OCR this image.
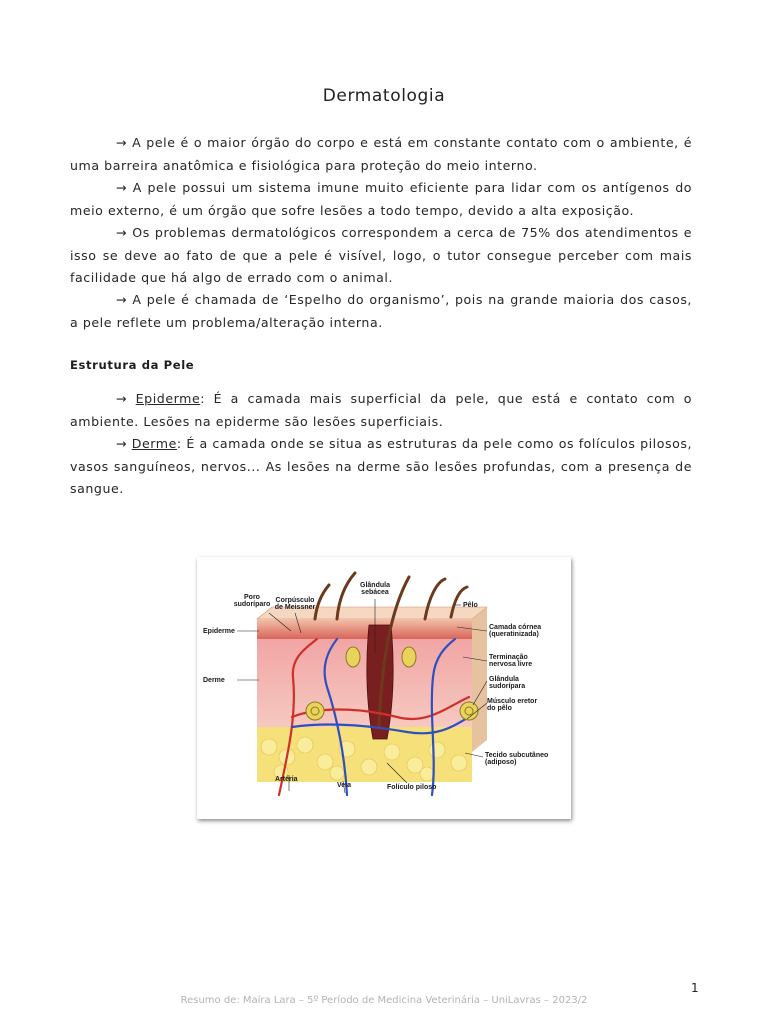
Dermatologia

→ A pele é o maior órgão do corpo e está em constante contato com o ambiente, é uma barreira anatômica e fisiológica para proteção do meio interno.

→ A pele possui um sistema imune muito eficiente para lidar com os antígenos do meio externo, é um órgão que sofre lesões a todo tempo, devido a alta exposição.

→ Os problemas dermatológicos correspondem a cerca de 75% dos atendimentos e isso se deve ao fato de que a pele é visível, logo, o tutor consegue perceber com mais facilidade que há algo de errado com o animal.

→ A pele é chamada de ‘Espelho do organismo’, pois na grande maioria dos casos, a pele reflete um problema/alteração interna.

Estrutura da Pele

→ Epiderme: É a camada mais superficial da pele, que está e contato com o ambiente. Lesões na epiderme são lesões superficiais.

→ Derme: É a camada onde se situa as estruturas da pele como os folículos pilosos, vasos sanguíneos, nervos... As lesões na derme são lesões profundas, com a presença de sangue.

Poro
sudoríparo
Corpúsculo
de Meissner
Glândula
sebácea
Pêlo
Epiderme
Derme
Camada córnea
(queratinizada)
Terminação
nervosa livre
Glândula
sudorípara
Músculo eretor
do pêlo
Tecido subcutâneo
(adiposo)
Artéria
Veia	Folículo piloso
1
Resumo de: Maíra Lara – 5º Período de Medicina Veterinária – UniLavras – 2023/2
